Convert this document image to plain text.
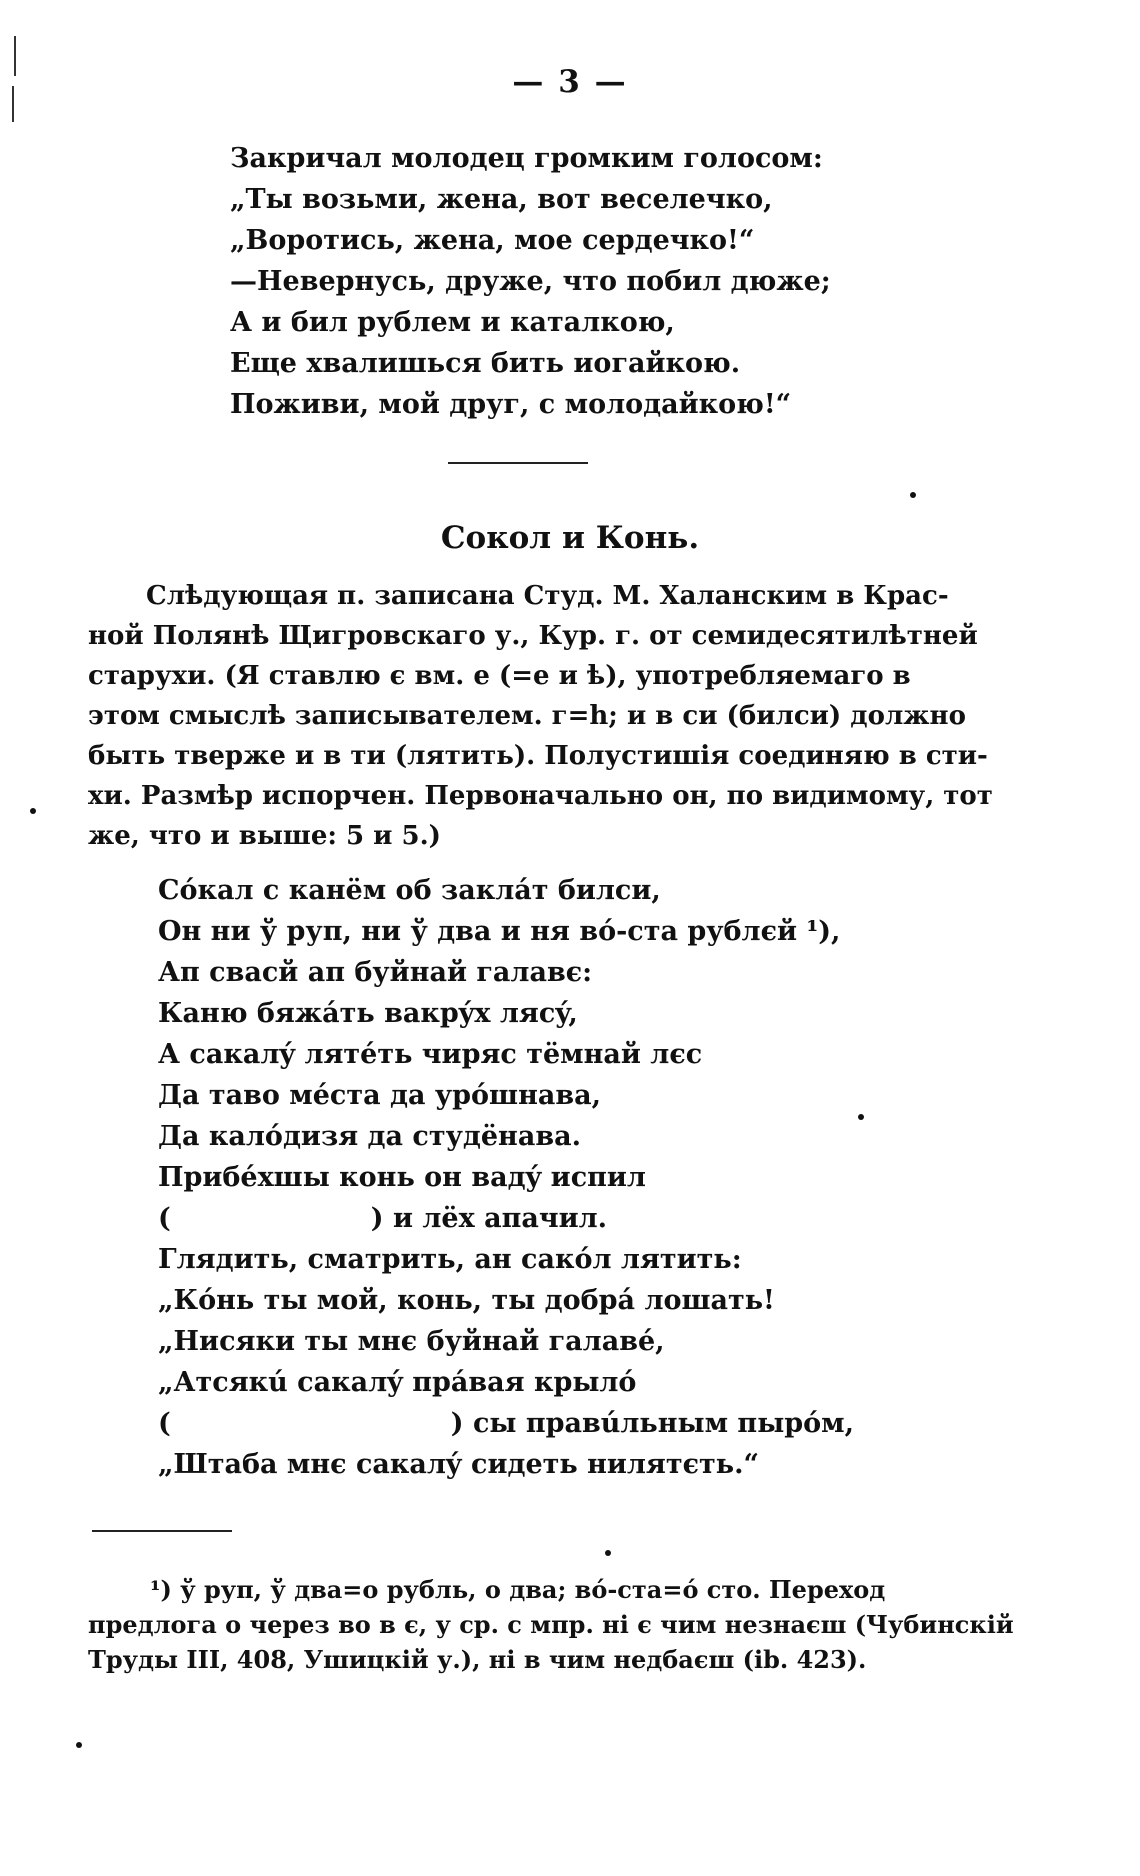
— 3 —
Закричал молодец громким голосом:
„Ты возьми, жена, вот веселечко,
„Воротись, жена, мое сердечко!“
—Невернусь, друже, что побил дюже;
А и бил рублем и каталкою,
Еще хвалишься бить иогайкою.
Поживи, мой друг, с молодайкою!“
Сокол и Конь.
Слѣдующая п. записана Студ. М. Халанским в Крас-
ной Полянѣ Щигровскаго у., Кур. г. от семидесятилѣтней
старухи. (Я ставлю є вм. е (=е и ѣ), употребляемаго в
этом смыслѣ записывателем. г=h; и в си (билси) должно
быть тверже и в ти (лятить). Полустишія соединяю в сти-
хи. Размѣр испорчен. Первоначально он, по видимому, тот
же, что и выше: 5 и 5.)
Сóкал с канём об заклáт билси,
Он ни ў руп, ни ў два и ня вó-ста рублєй ¹),
Ап свасй ап буйнай галавє:
Каню бяжáть вакрýх лясý,
А сакалý лятéть чиряс тёмнай лєс
Да таво мéста да урóшнава,
Да калóдизя да студёнава.
Прибéхшы конь он вадý испил
(	) и лёх апачил.
Глядить, сматрить, ан сакóл лятить:
„Кóнь ты мой, конь, ты добрá лошать!
„Нисяки ты мнє буйнай галавé,
„Атсякú сакалý прáвая крылó
(	) сы правúльным пырóм,
„Штаба мнє сакалý сидеть нилятєть.“
¹) ў руп, ў два=о рубль, о два; вó-ста=ó сто. Переход
предлога о через во в є, у ср. с мпр. ні є чим незнаєш (Чубинскій
Труды III, 408, Ушицкій у.), ні в чим недбаєш (ib. 423).
